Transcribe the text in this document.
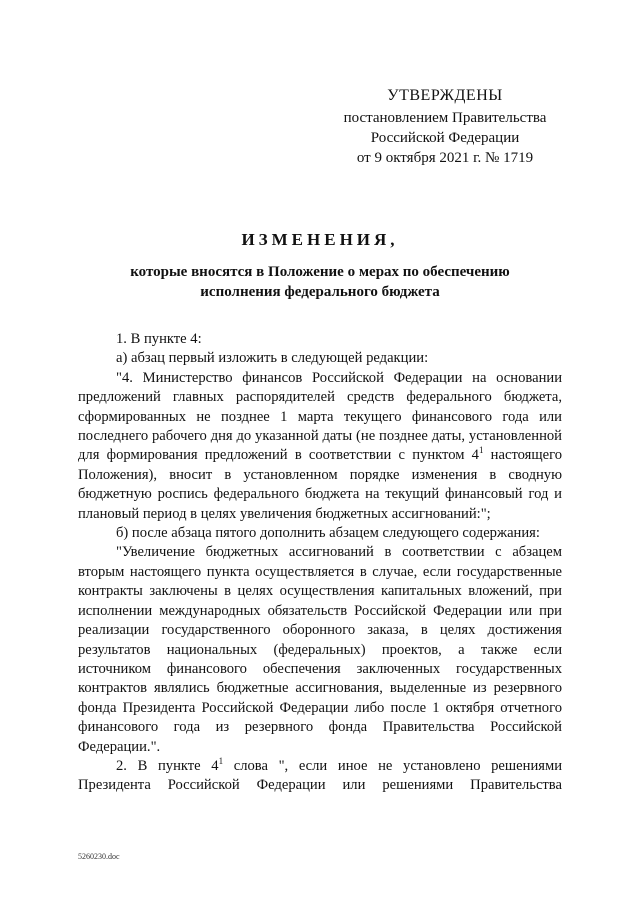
УТВЕРЖДЕНЫ
постановлением Правительства
Российской Федерации
от 9 октября 2021 г. № 1719
ИЗМЕНЕНИЯ,
которые вносятся в Положение о мерах по обеспечению
исполнения федерального бюджета

1. В пункте 4:

а) абзац первый изложить в следующей редакции:

"4. Министерство финансов Российской Федерации на основании предложений главных распорядителей средств федерального бюджета, сформированных не позднее 1 марта текущего финансового года или последнего рабочего дня до указанной даты (не позднее даты, установленной для формирования предложений в соответствии с пунктом $4^1$ настоящего Положения), вносит в установленном порядке изменения в сводную бюджетную роспись федерального бюджета на текущий финансовый год и плановый период в целях увеличения бюджетных ассигнований:";

б) после абзаца пятого дополнить абзацем следующего содержания:

"Увеличение бюджетных ассигнований в соответствии с абзацем вторым настоящего пункта осуществляется в случае, если государственные контракты заключены в целях осуществления капитальных вложений, при исполнении международных обязательств Российской Федерации или при реализации государственного оборонного заказа, в целях достижения результатов национальных (федеральных) проектов, а также если источником финансового обеспечения заключенных государственных контрактов являлись бюджетные ассигнования, выделенные из резервного фонда Президента Российской Федерации либо после 1 октября отчетного финансового года из резервного фонда Правительства Российской Федерации.".

2. В пункте $4^1$ слова ", если иное не установлено решениями Президента Российской Федерации или решениями Правительства

5260230.doc
